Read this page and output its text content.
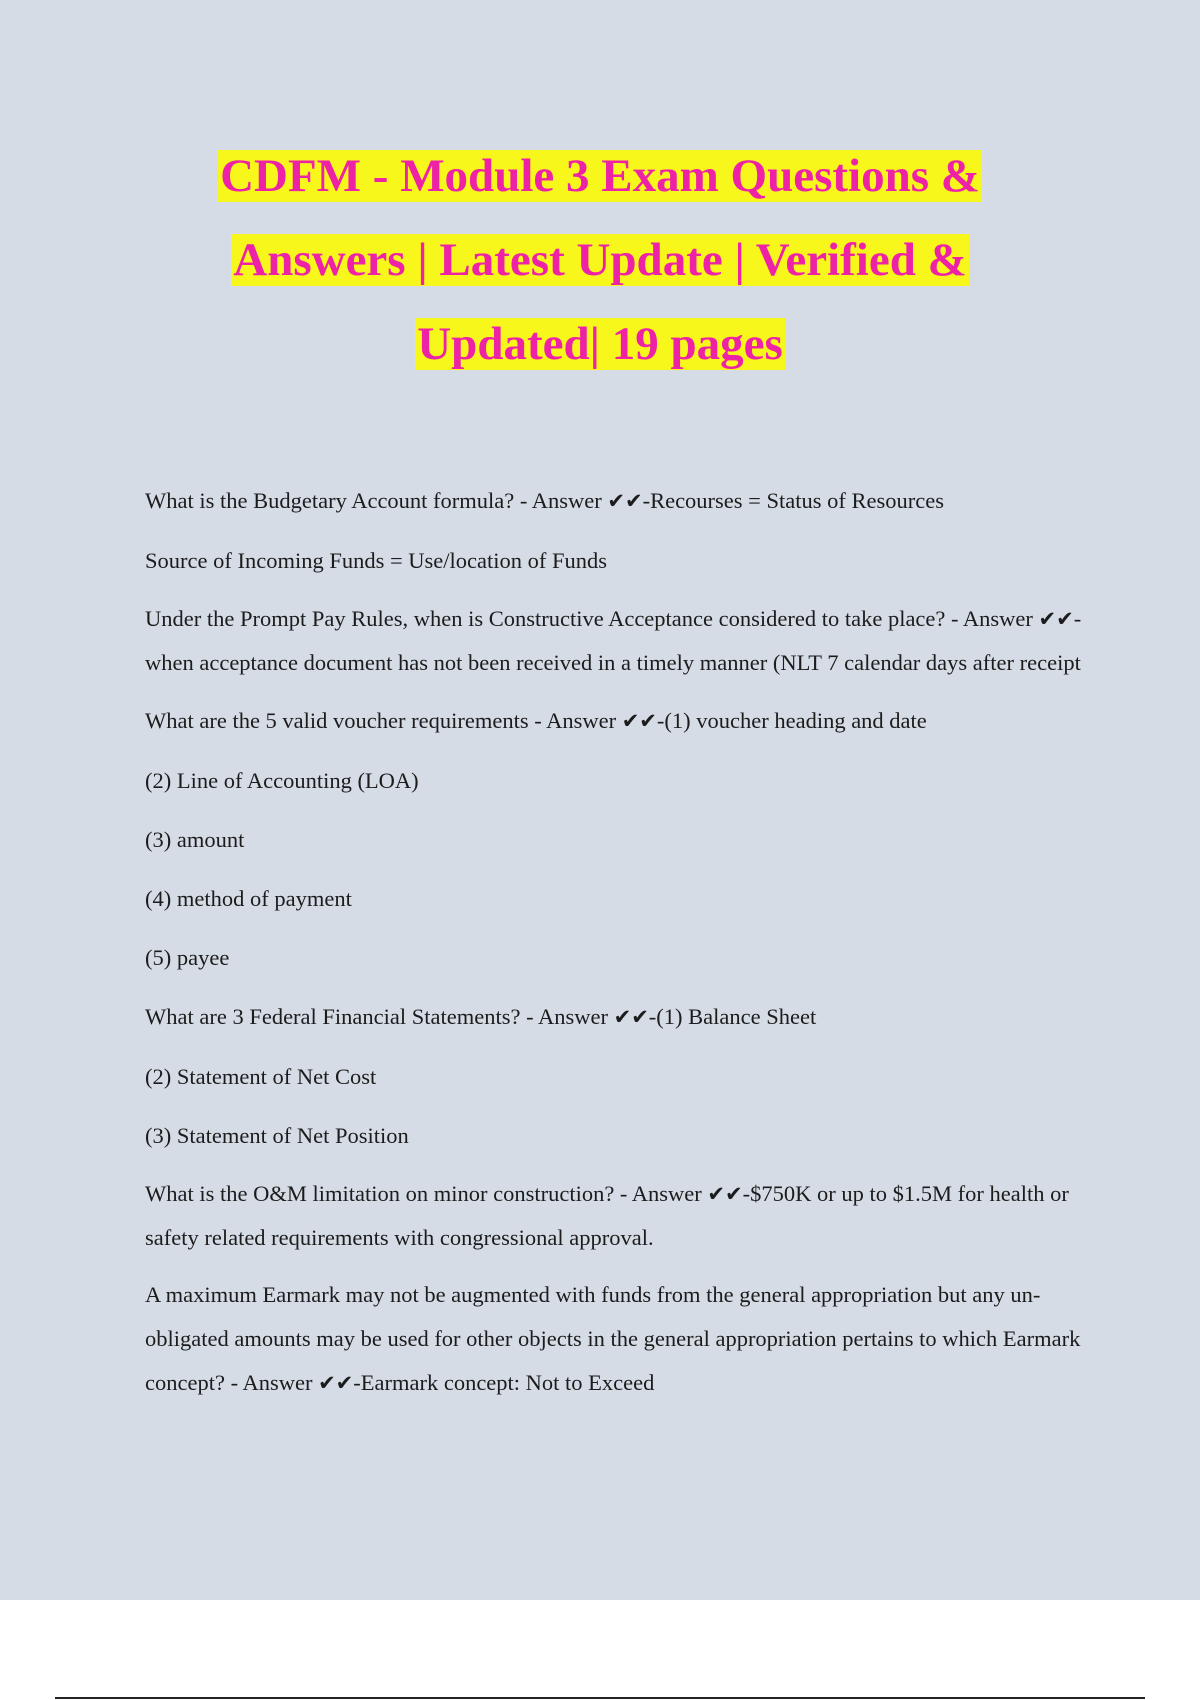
CDFM - Module 3 Exam Questions &
Answers | Latest Update | Verified &
Updated| 19 pages

What is the Budgetary Account formula? - Answer ✔✔-Recourses = Status of Resources

Source of Incoming Funds = Use/location of Funds

Under the Prompt Pay Rules, when is Constructive Acceptance considered to take place? - Answer ✔✔-when acceptance document has not been received in a timely manner (NLT 7 calendar days after receipt

What are the 5 valid voucher requirements - Answer ✔✔-(1) voucher heading and date

(2) Line of Accounting (LOA)

(3) amount

(4) method of payment

(5) payee

What are 3 Federal Financial Statements? - Answer ✔✔-(1) Balance Sheet

(2) Statement of Net Cost

(3) Statement of Net Position

What is the O&M limitation on minor construction? - Answer ✔✔-$750K or up to $1.5M for health or safety related requirements with congressional approval.

A maximum Earmark may not be augmented with funds from the general appropriation but any un-obligated amounts may be used for other objects in the general appropriation pertains to which Earmark concept? - Answer ✔✔-Earmark concept: Not to Exceed
